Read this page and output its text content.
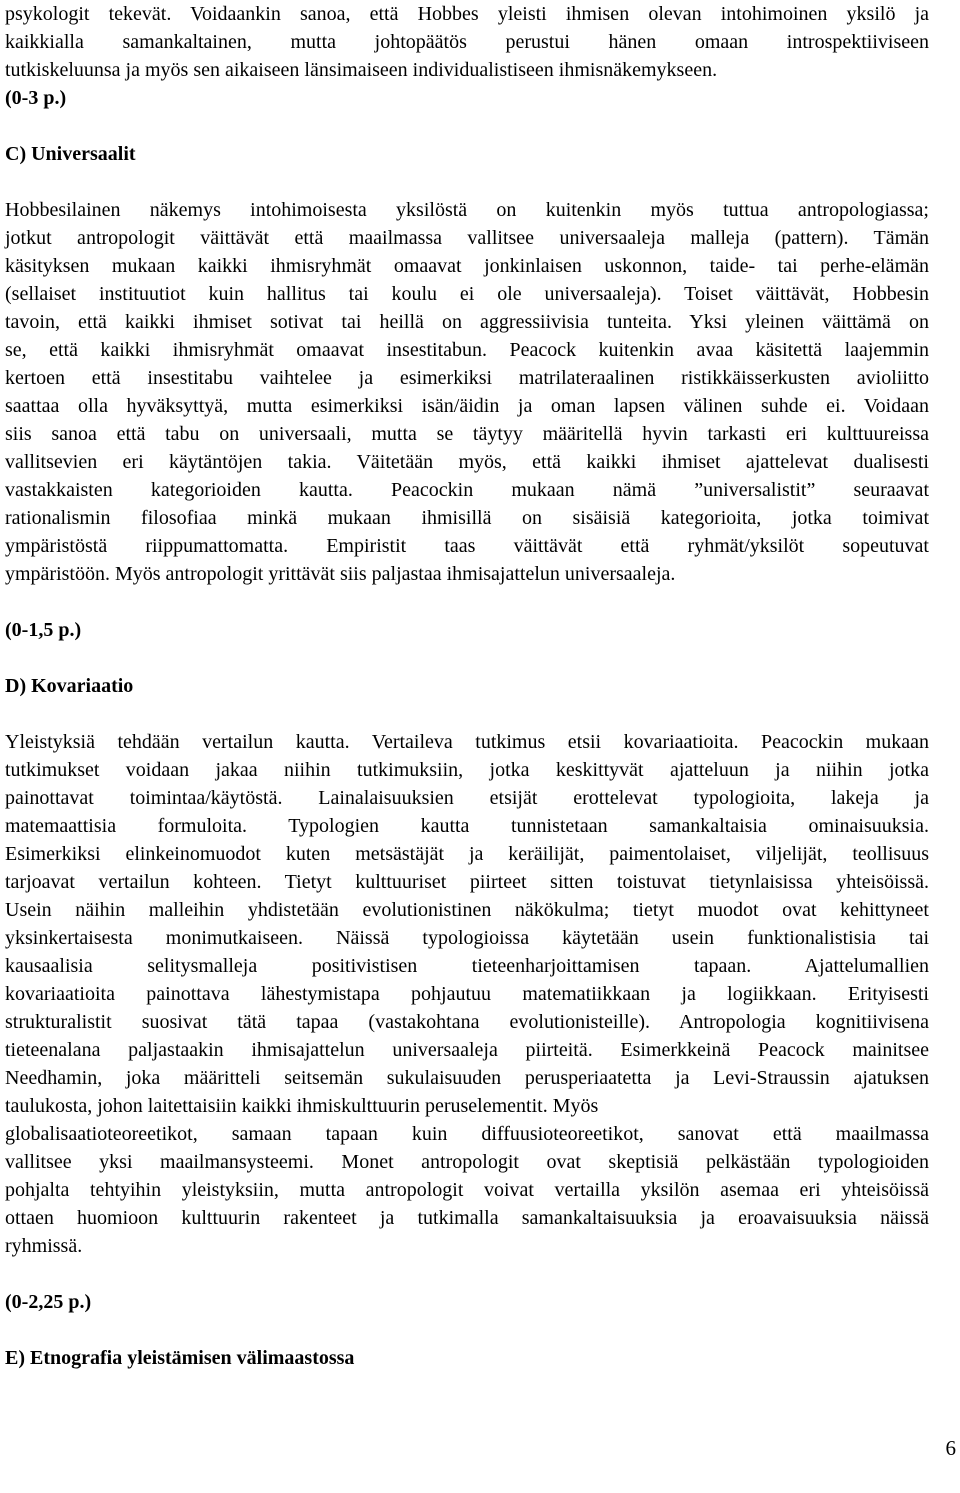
psykologit tekevät. Voidaankin sanoa, että Hobbes yleisti ihmisen olevan intohimoinen yksilö ja
kaikkialla samankaltainen, mutta johtopäätös perustui hänen omaan introspektiiviseen
tutkiskeluunsa ja myös sen aikaiseen länsimaiseen individualistiseen ihmisnäkemykseen.
(0-3 p.)
C) Universaalit
Hobbesilainen näkemys intohimoisesta yksilöstä on kuitenkin myös tuttua antropologiassa;
jotkut antropologit väittävät että maailmassa vallitsee universaaleja malleja (pattern). Tämän
käsityksen mukaan kaikki ihmisryhmät omaavat jonkinlaisen uskonnon, taide- tai perhe-elämän
(sellaiset instituutiot kuin hallitus tai koulu ei ole universaaleja). Toiset väittävät, Hobbesin
tavoin, että kaikki ihmiset sotivat tai heillä on aggressiivisia tunteita. Yksi yleinen väittämä on
se, että kaikki ihmisryhmät omaavat insestitabun. Peacock kuitenkin avaa käsitettä laajemmin
kertoen että insestitabu vaihtelee ja esimerkiksi matrilateraalinen ristikkäisserkusten avioliitto
saattaa olla hyväksyttyä, mutta esimerkiksi isän/äidin ja oman lapsen välinen suhde ei. Voidaan
siis sanoa että tabu on universaali, mutta se täytyy määritellä hyvin tarkasti eri kulttuureissa
vallitsevien eri käytäntöjen takia. Väitetään myös, että kaikki ihmiset ajattelevat dualisesti
vastakkaisten kategorioiden kautta. Peacockin mukaan nämä ”universalistit” seuraavat
rationalismin filosofiaa minkä mukaan ihmisillä on sisäisiä kategorioita, jotka toimivat
ympäristöstä riippumattomatta. Empiristit taas väittävät että ryhmät/yksilöt sopeutuvat
ympäristöön. Myös antropologit yrittävät siis paljastaa ihmisajattelun universaaleja.
(0-1,5 p.)
D) Kovariaatio
Yleistyksiä tehdään vertailun kautta. Vertaileva tutkimus etsii kovariaatioita. Peacockin mukaan
tutkimukset voidaan jakaa niihin tutkimuksiin, jotka keskittyvät ajatteluun ja niihin jotka
painottavat toimintaa/käytöstä. Lainalaisuuksien etsijät erottelevat typologioita, lakeja ja
matemaattisia formuloita. Typologien kautta tunnistetaan samankaltaisia ominaisuuksia.
Esimerkiksi elinkeinomuodot kuten metsästäjät ja keräilijät, paimentolaiset, viljelijät, teollisuus
tarjoavat vertailun kohteen. Tietyt kulttuuriset piirteet sitten toistuvat tietynlaisissa yhteisöissä.
Usein näihin malleihin yhdistetään evolutionistinen näkökulma; tietyt muodot ovat kehittyneet
yksinkertaisesta monimutkaiseen. Näissä typologioissa käytetään usein funktionalistisia tai
kausaalisia selitysmalleja positivistisen tieteenharjoittamisen tapaan. Ajattelumallien
kovariaatioita painottava lähestymistapa pohjautuu matematiikkaan ja logiikkaan. Erityisesti
strukturalistit suosivat tätä tapaa (vastakohtana evolutionisteille). Antropologia kognitiivisena
tieteenalana paljastaakin ihmisajattelun universaaleja piirteitä. Esimerkkeinä Peacock mainitsee
Needhamin, joka määritteli seitsemän sukulaisuuden perusperiaatetta ja Levi-Straussin ajatuksen
taulukosta, johon laitettaisiin kaikki ihmiskulttuurin peruselementit. Myös
globalisaatioteoreetikot, samaan tapaan kuin diffuusioteoreetikot, sanovat että maailmassa
vallitsee yksi maailmansysteemi. Monet antropologit ovat skeptisiä pelkästään typologioiden
pohjalta tehtyihin yleistyksiin, mutta antropologit voivat vertailla yksilön asemaa eri yhteisöissä
ottaen huomioon kulttuurin rakenteet ja tutkimalla samankaltaisuuksia ja eroavaisuuksia näissä
ryhmissä.
(0-2,25 p.)
E) Etnografia yleistämisen välimaastossa
6
